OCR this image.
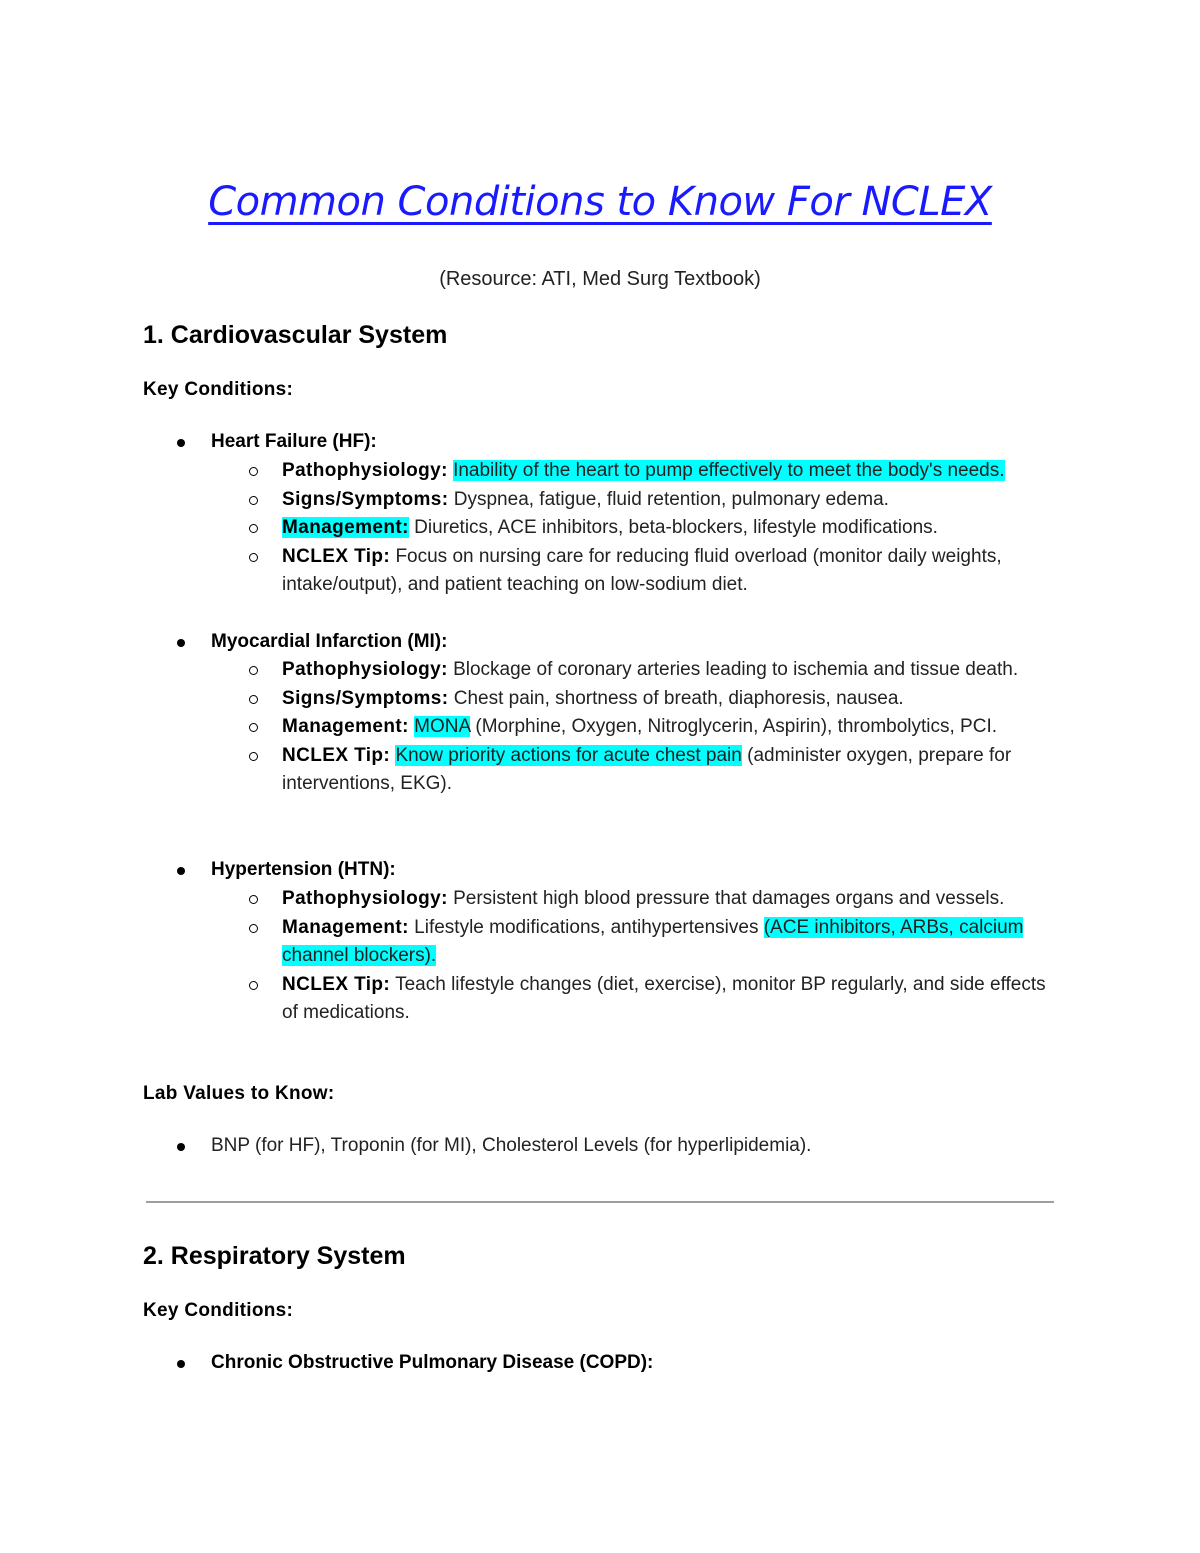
Common Conditions to Know For NCLEX
(Resource: ATI, Med Surg Textbook)
1. Cardiovascular System
Key Conditions:
Heart Failure (HF):
Pathophysiology: Inability of the heart to pump effectively to meet the body's needs.
Signs/Symptoms: Dyspnea, fatigue, fluid retention, pulmonary edema.
Management: Diuretics, ACE inhibitors, beta-blockers, lifestyle modifications.
NCLEX Tip: Focus on nursing care for reducing fluid overload (monitor daily weights, intake/output), and patient teaching on low-sodium diet.
Myocardial Infarction (MI):
Pathophysiology: Blockage of coronary arteries leading to ischemia and tissue death.
Signs/Symptoms: Chest pain, shortness of breath, diaphoresis, nausea.
Management: MONA (Morphine, Oxygen, Nitroglycerin, Aspirin), thrombolytics, PCI.
NCLEX Tip: Know priority actions for acute chest pain (administer oxygen, prepare for interventions, EKG).
Hypertension (HTN):
Pathophysiology: Persistent high blood pressure that damages organs and vessels.
Management: Lifestyle modifications, antihypertensives (ACE inhibitors, ARBs, calcium channel blockers).
NCLEX Tip: Teach lifestyle changes (diet, exercise), monitor BP regularly, and side effects of medications.
Lab Values to Know:
BNP (for HF), Troponin (for MI), Cholesterol Levels (for hyperlipidemia).
2. Respiratory System
Key Conditions:
Chronic Obstructive Pulmonary Disease (COPD):
